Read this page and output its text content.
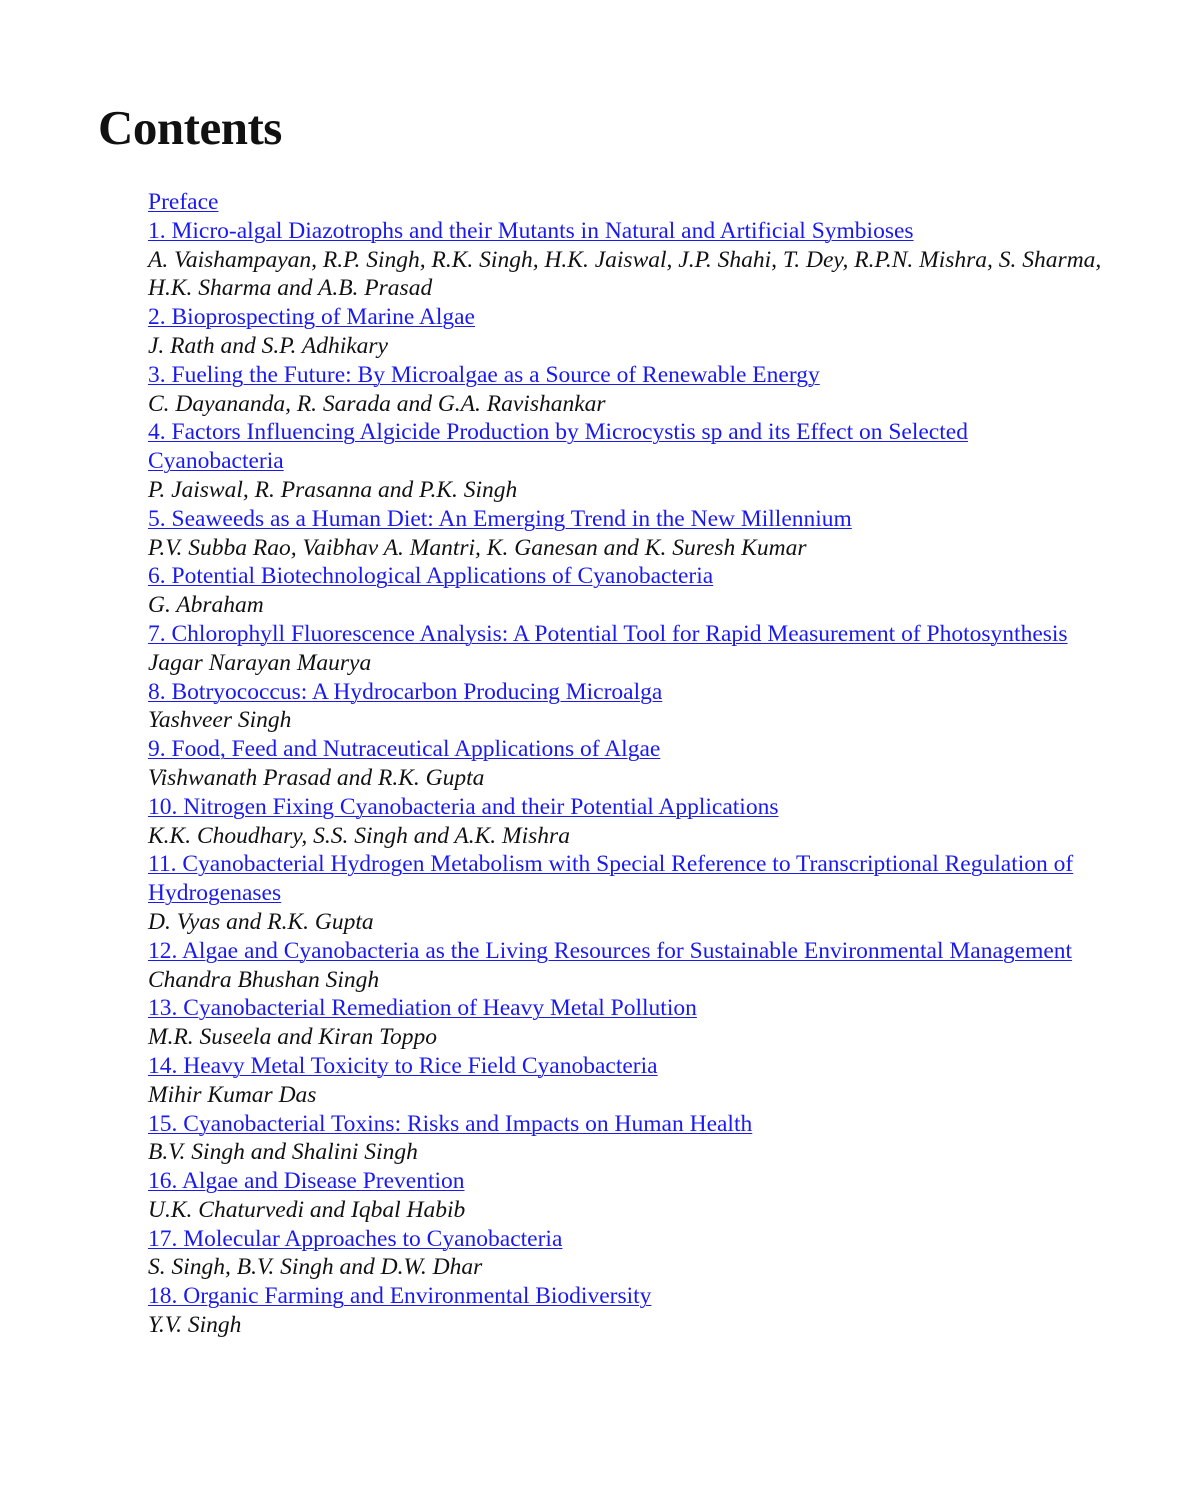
Contents
Preface
1. Micro-algal Diazotrophs and their Mutants in Natural and Artificial Symbioses
A. Vaishampayan, R.P. Singh, R.K. Singh, H.K. Jaiswal, J.P. Shahi, T. Dey, R.P.N. Mishra, S. Sharma, H.K. Sharma and A.B. Prasad
2. Bioprospecting of Marine Algae
J. Rath and S.P. Adhikary
3. Fueling the Future: By Microalgae as a Source of Renewable Energy
C. Dayananda, R. Sarada and G.A. Ravishankar
4. Factors Influencing Algicide Production by Microcystis sp and its Effect on Selected Cyanobacteria
P. Jaiswal, R. Prasanna and P.K. Singh
5. Seaweeds as a Human Diet: An Emerging Trend in the New Millennium
P.V. Subba Rao, Vaibhav A. Mantri, K. Ganesan and K. Suresh Kumar
6. Potential Biotechnological Applications of Cyanobacteria
G. Abraham
7. Chlorophyll Fluorescence Analysis: A Potential Tool for Rapid Measurement of Photosynthesis
Jagar Narayan Maurya
8. Botryococcus: A Hydrocarbon Producing Microalga
Yashveer Singh
9. Food, Feed and Nutraceutical Applications of Algae
Vishwanath Prasad and R.K. Gupta
10. Nitrogen Fixing Cyanobacteria and their Potential Applications
K.K. Choudhary, S.S. Singh and A.K. Mishra
11. Cyanobacterial Hydrogen Metabolism with Special Reference to Transcriptional Regulation of Hydrogenases
D. Vyas and R.K. Gupta
12. Algae and Cyanobacteria as the Living Resources for Sustainable Environmental Management
Chandra Bhushan Singh
13. Cyanobacterial Remediation of Heavy Metal Pollution
M.R. Suseela and Kiran Toppo
14. Heavy Metal Toxicity to Rice Field Cyanobacteria
Mihir Kumar Das
15. Cyanobacterial Toxins: Risks and Impacts on Human Health
B.V. Singh and Shalini Singh
16. Algae and Disease Prevention
U.K. Chaturvedi and Iqbal Habib
17. Molecular Approaches to Cyanobacteria
S. Singh, B.V. Singh and D.W. Dhar
18. Organic Farming and Environmental Biodiversity
Y.V. Singh
